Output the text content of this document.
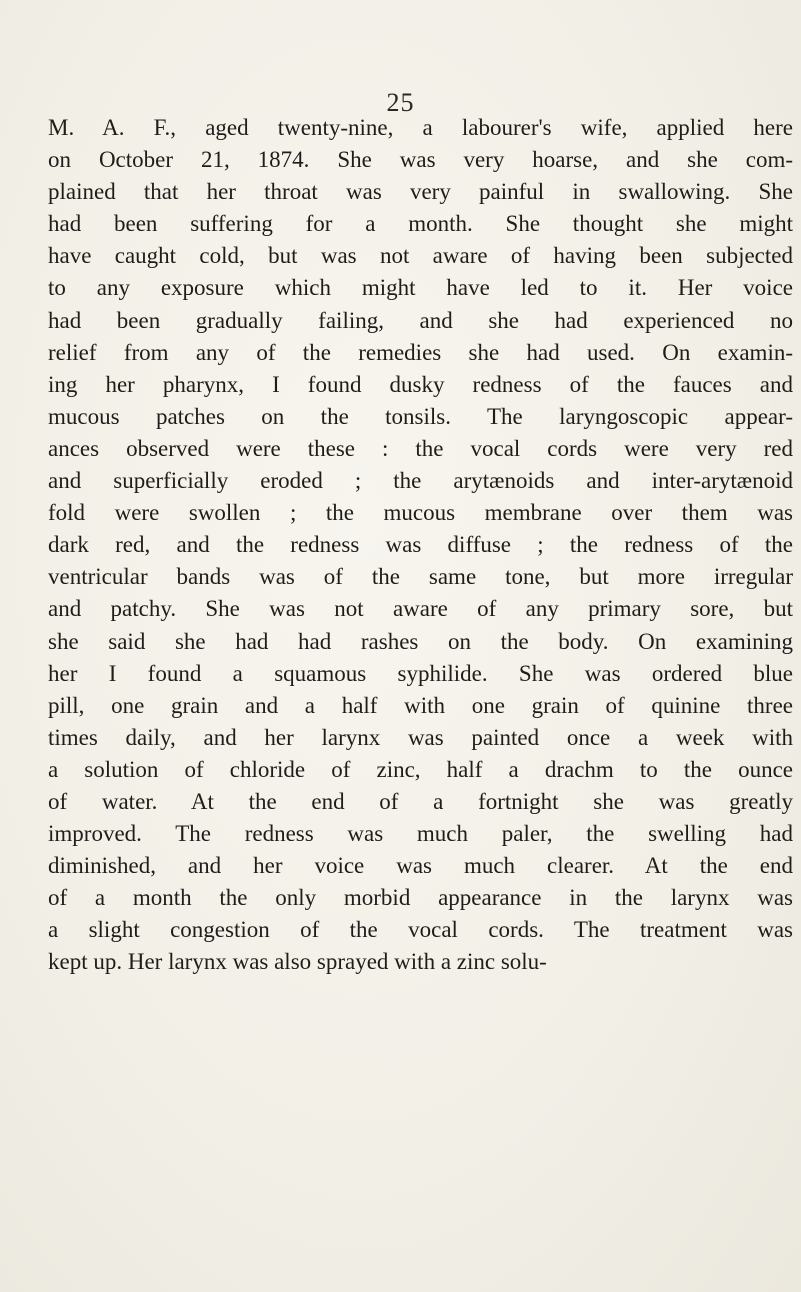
25
M. A. F., aged twenty-nine, a labourer's wife, applied here
on October 21, 1874. She was very hoarse, and she com-
plained that her throat was very painful in swallowing. She
had been suffering for a month. She thought she might
have caught cold, but was not aware of having been subjected
to any exposure which might have led to it. Her voice
had been gradually failing, and she had experienced no
relief from any of the remedies she had used. On examin-
ing her pharynx, I found dusky redness of the fauces and
mucous patches on the tonsils. The laryngoscopic appear-
ances observed were these : the vocal cords were very red
and superficially eroded ; the arytænoids and inter-arytænoid
fold were swollen ; the mucous membrane over them was
dark red, and the redness was diffuse ; the redness of the
ventricular bands was of the same tone, but more irregular
and patchy. She was not aware of any primary sore, but
she said she had had rashes on the body. On examining
her I found a squamous syphilide. She was ordered blue
pill, one grain and a half with one grain of quinine three
times daily, and her larynx was painted once a week with
a solution of chloride of zinc, half a drachm to the ounce
of water. At the end of a fortnight she was greatly
improved. The redness was much paler, the swelling had
diminished, and her voice was much clearer. At the end
of a month the only morbid appearance in the larynx was
a slight congestion of the vocal cords. The treatment was
kept up. Her larynx was also sprayed with a zinc solu-
